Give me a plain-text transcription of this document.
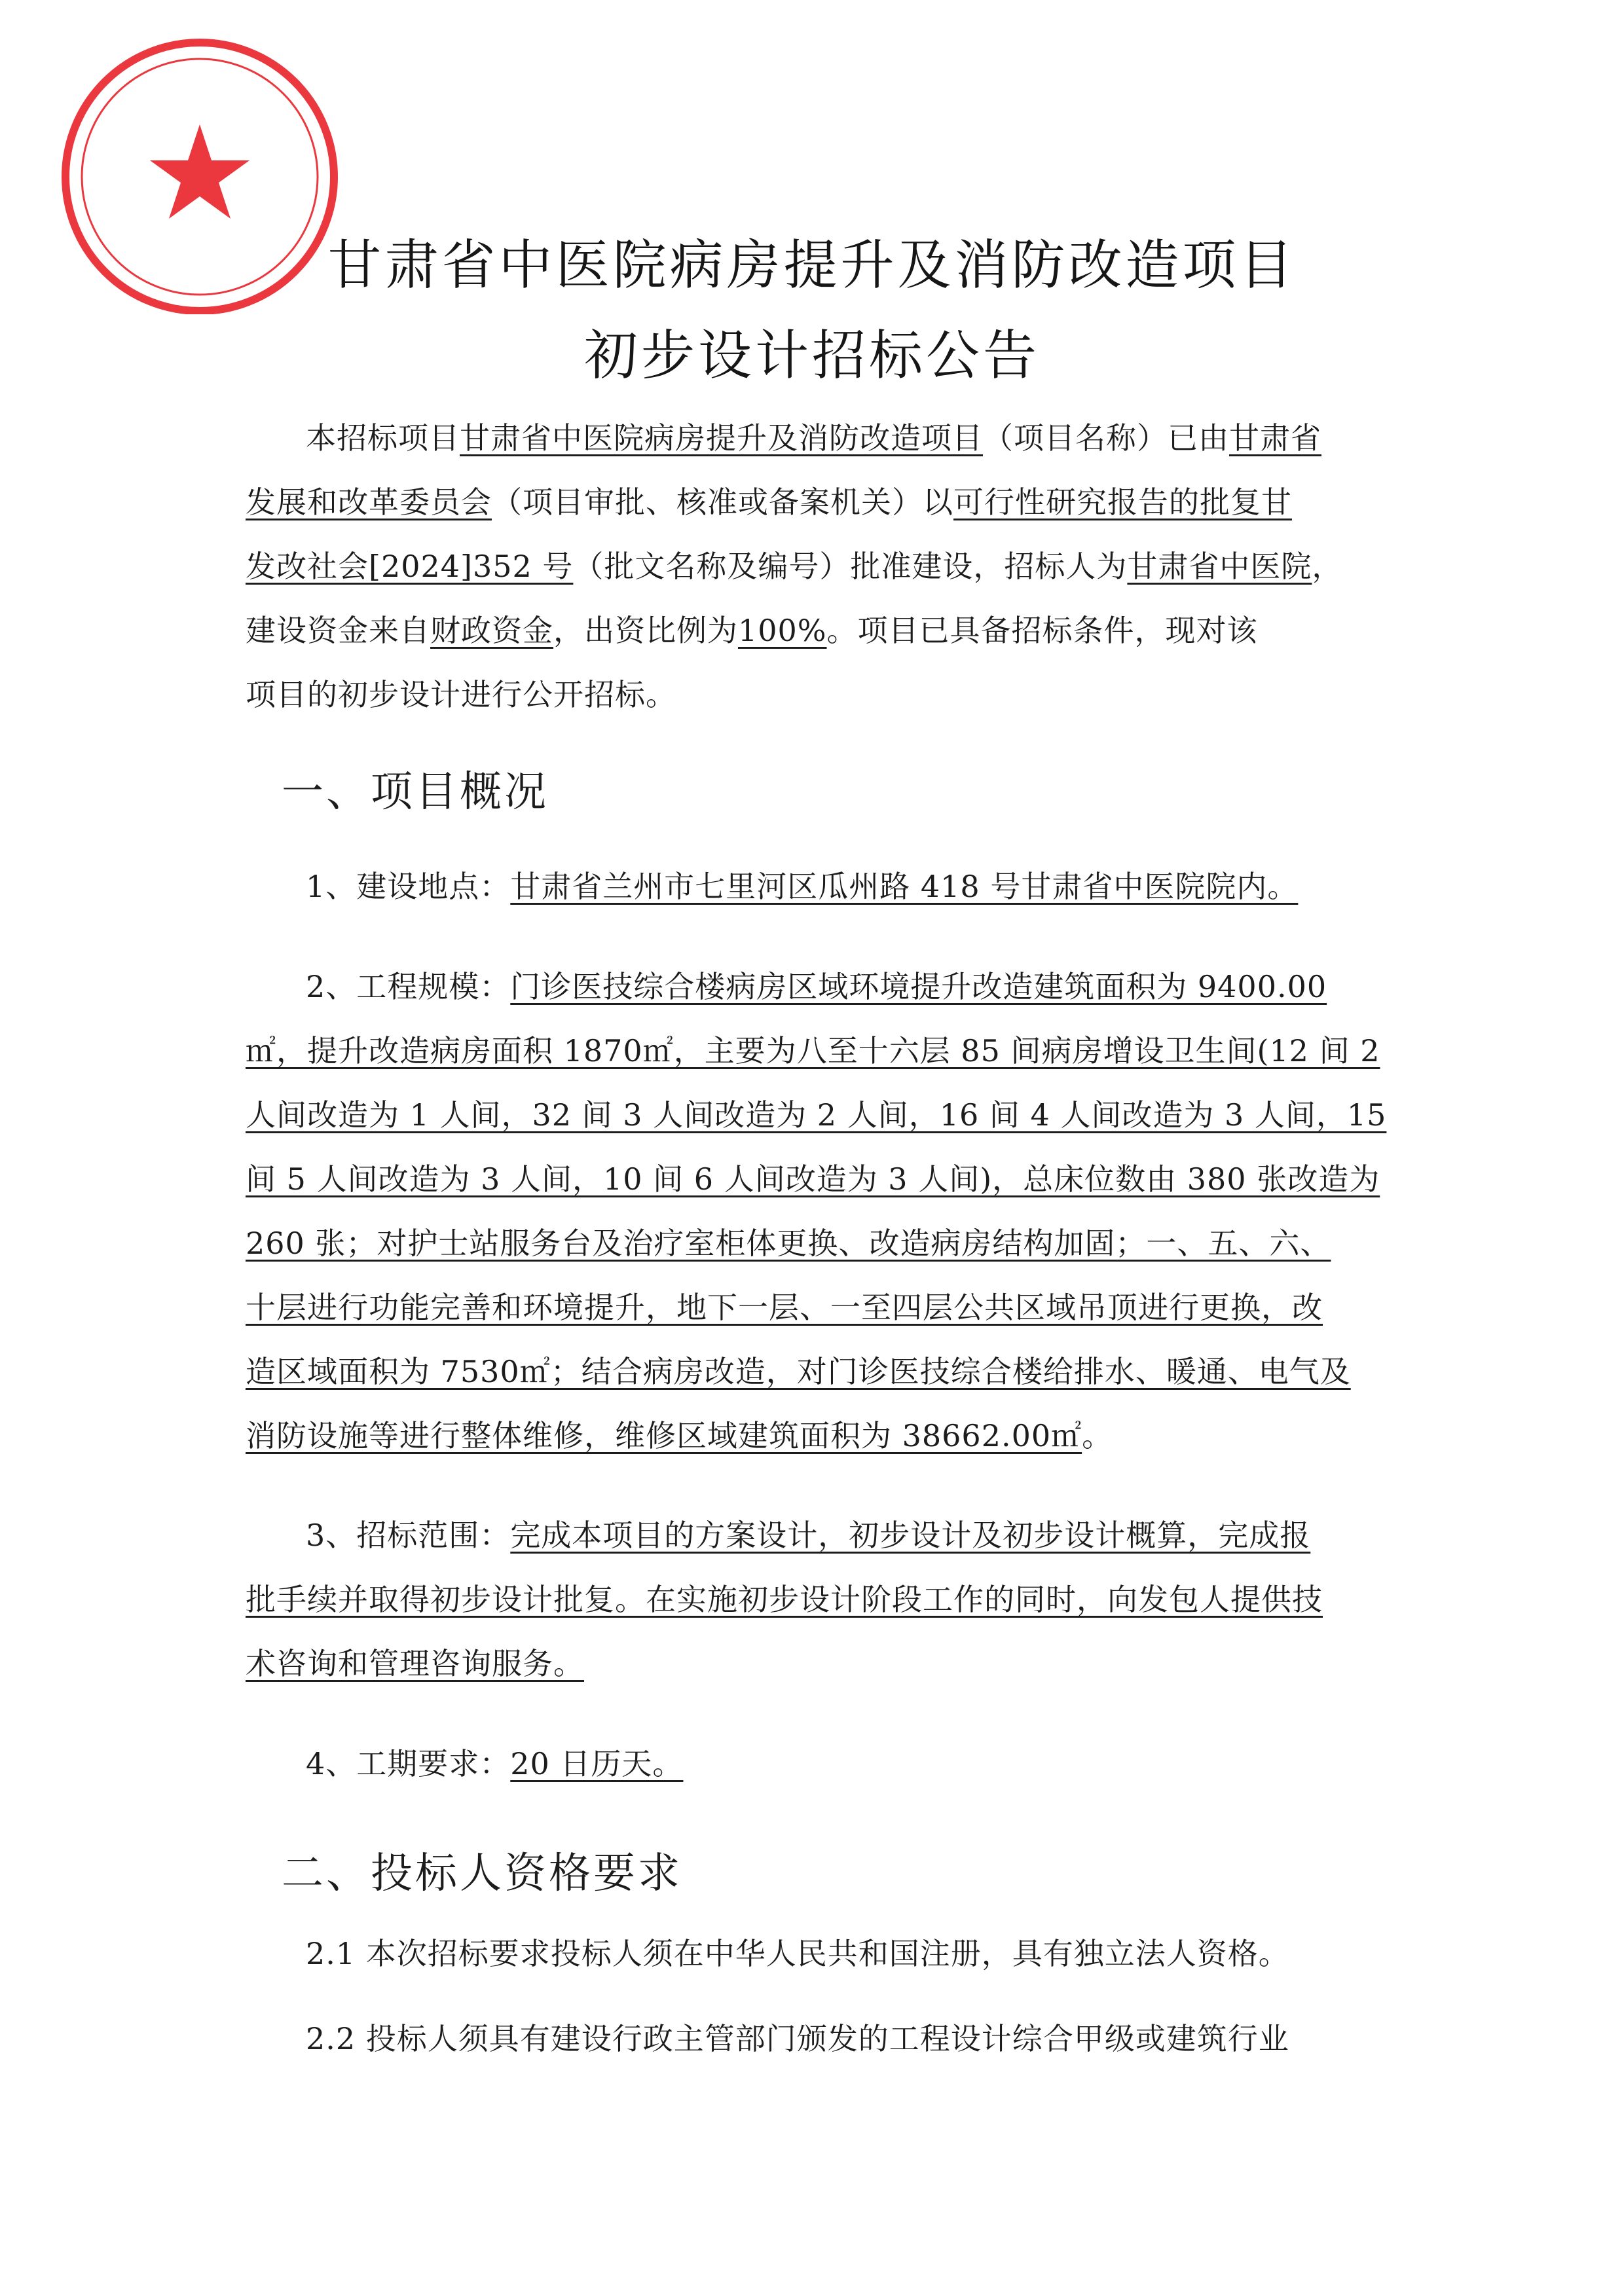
甘肃省中医院病房提升及消防改造项目
初步设计招标公告
本招标项目甘肃省中医院病房提升及消防改造项目（项目名称）已由甘肃省
发展和改革委员会（项目审批、核准或备案机关）以可行性研究报告的批复甘
发改社会[2024]352 号（批文名称及编号）批准建设，招标人为甘肃省中医院，
建设资金来自财政资金，出资比例为100%。项目已具备招标条件，现对该
项目的初步设计进行公开招标。
一、项目概况
1、建设地点：甘肃省兰州市七里河区瓜州路 418 号甘肃省中医院院内。
2、工程规模：门诊医技综合楼病房区域环境提升改造建筑面积为 9400.00
㎡，提升改造病房面积 1870㎡，主要为八至十六层 85 间病房增设卫生间(12 间 2
人间改造为 1 人间，32 间 3 人间改造为 2 人间，16 间 4 人间改造为 3 人间，15
间 5 人间改造为 3 人间，10 间 6 人间改造为 3 人间)，总床位数由 380 张改造为
260 张；对护士站服务台及治疗室柜体更换、改造病房结构加固；一、五、六、
十层进行功能完善和环境提升，地下一层、一至四层公共区域吊顶进行更换，改
造区域面积为 7530㎡；结合病房改造，对门诊医技综合楼给排水、暖通、电气及
消防设施等进行整体维修，维修区域建筑面积为 38662.00㎡。
3、招标范围：完成本项目的方案设计，初步设计及初步设计概算，完成报
批手续并取得初步设计批复。在实施初步设计阶段工作的同时，向发包人提供技
术咨询和管理咨询服务。
4、工期要求：20 日历天。
二、投标人资格要求
2.1 本次招标要求投标人须在中华人民共和国注册，具有独立法人资格。
2.2 投标人须具有建设行政主管部门颁发的工程设计综合甲级或建筑行业
